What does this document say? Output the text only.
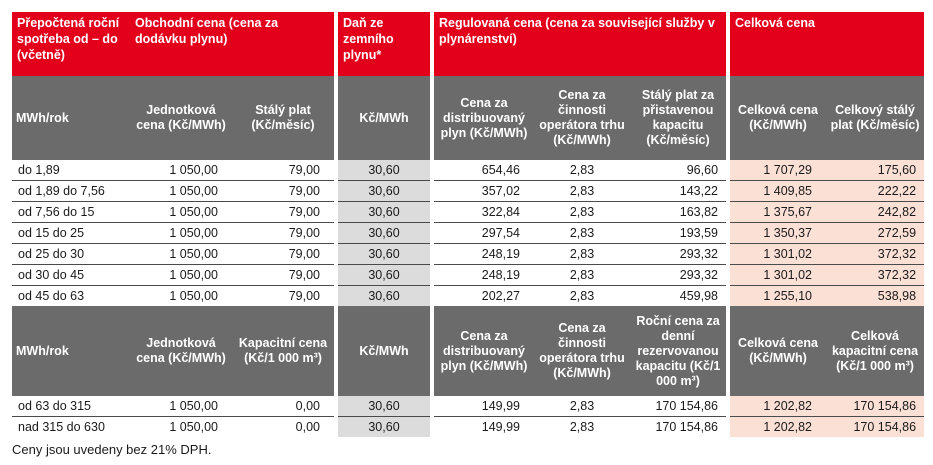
Přepočtená roční spotřeba od – do (včetně)	Obchodní cena (cena za dodávku plynu)			Daň ze zemního plynu*		Regulovaná cena (cena za související služby v plynárenství)				Celková cena	
MWh/rok	Jednotková cena (Kč/MWh)	Stálý plat (Kč/měsíc)		Kč/MWh		Cena za distribuovaný plyn (Kč/MWh)	Cena za činnosti operátora trhu (Kč/MWh)	Stálý plat za přistavenou kapacitu (Kč/měsíc)		Celková cena (Kč/MWh)	Celkový stálý plat (Kč/měsíc)
do 1,89	1 050,00	79,00		30,60		654,46	2,83	96,60		1 707,29	175,60
od 1,89 do 7,56	1 050,00	79,00		30,60		357,02	2,83	143,22		1 409,85	222,22
od 7,56 do 15	1 050,00	79,00		30,60		322,84	2,83	163,82		1 375,67	242,82
od 15 do 25	1 050,00	79,00		30,60		297,54	2,83	193,59		1 350,37	272,59
od 25 do 30	1 050,00	79,00		30,60		248,19	2,83	293,32		1 301,02	372,32
od 30 do 45	1 050,00	79,00		30,60		248,19	2,83	293,32		1 301,02	372,32
od 45 do 63	1 050,00	79,00		30,60		202,27	2,83	459,98		1 255,10	538,98
MWh/rok	Jednotková cena (Kč/MWh)	Kapacitní cena (Kč/1 000 m³)		Kč/MWh		Cena za distribuovaný plyn (Kč/MWh)	Cena za činnosti operátora trhu (Kč/MWh)	Roční cena za denní rezervovanou kapacitu (Kč/1 000 m³)		Celková cena (Kč/MWh)	Celková kapacitní cena (Kč/1 000 m³)
od 63 do 315	1 050,00	0,00		30,60		149,99	2,83	170 154,86		1 202,82	170 154,86
nad 315 do 630	1 050,00	0,00		30,60		149,99	2,83	170 154,86		1 202,82	170 154,86
Ceny jsou uvedeny bez 21% DPH.
